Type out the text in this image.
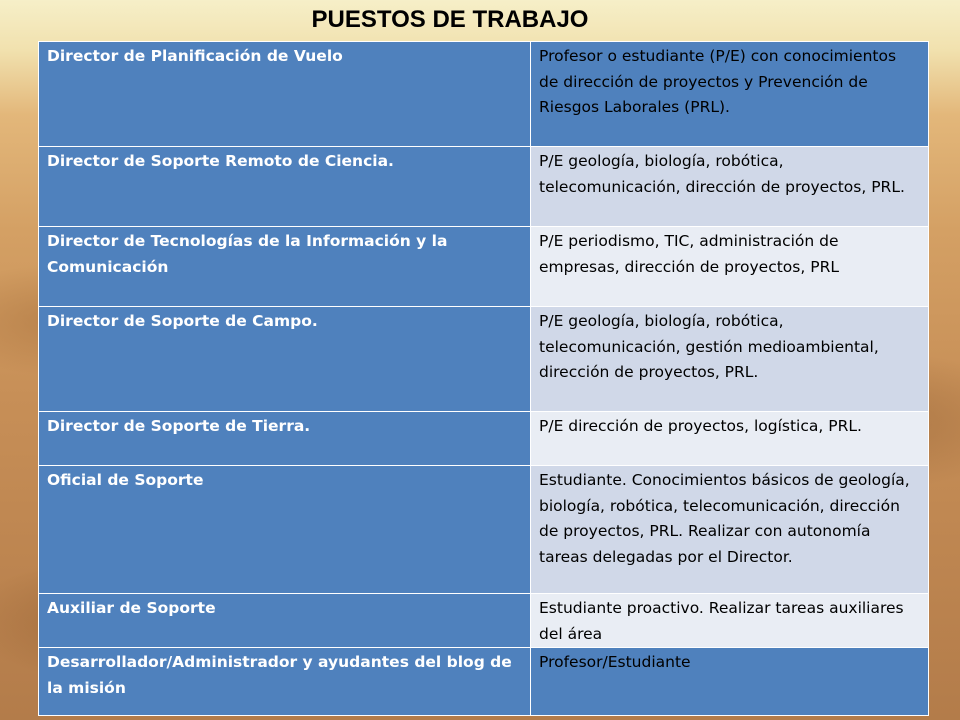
PUESTOS DE TRABAJO
Director de Planificación de Vuelo	Profesor o estudiante (P/E) con conocimientos de dirección de proyectos y Prevención de Riesgos Laborales (PRL).
Director de Soporte Remoto de Ciencia.	P/E geología, biología, robótica, telecomunicación, dirección de proyectos, PRL.
Director de Tecnologías de la Información y la Comunicación	P/E periodismo, TIC, administración de empresas, dirección de proyectos, PRL
Director de Soporte de Campo.	P/E geología, biología, robótica, telecomunicación, gestión medioambiental, dirección de proyectos, PRL.
Director de Soporte de Tierra.	P/E dirección de proyectos, logística, PRL.
Oficial de Soporte	Estudiante. Conocimientos básicos de geología, biología, robótica, telecomunicación, dirección de proyectos, PRL. Realizar con autonomía tareas delegadas por el Director.
Auxiliar de Soporte	Estudiante proactivo. Realizar tareas auxiliares del área
Desarrollador/Administrador y ayudantes del blog de la misión	Profesor/Estudiante
